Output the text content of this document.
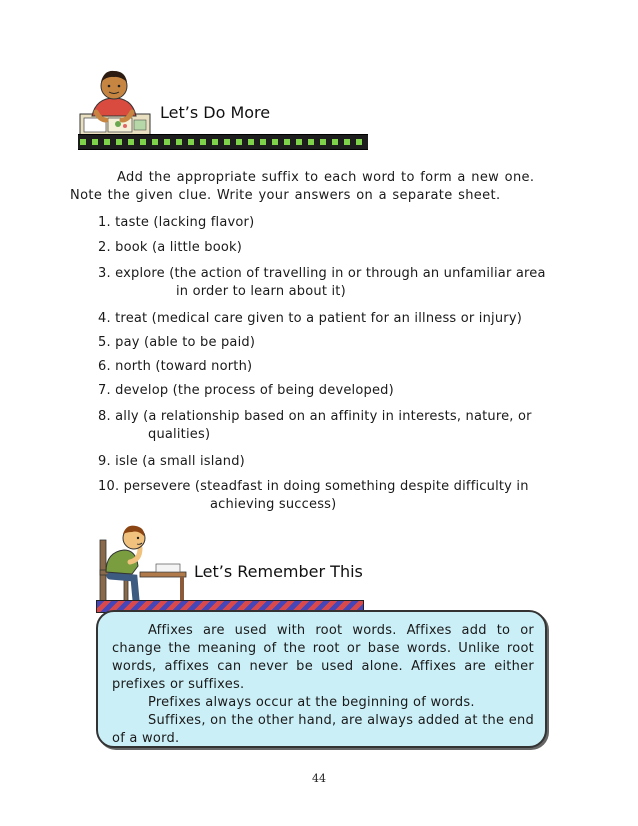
Let’s Do More
Add the appropriate suffix to each word to form a new one. Note the given clue. Write your answers on a separate sheet.
1. taste (lacking flavor)
2. book (a little book)
3. explore (the action of travelling in or through an unfamiliar area
in order to learn about it)
4. treat (medical care given to a patient for an illness or injury)
5. pay (able to be paid)
6. north (toward north)
7. develop (the process of being developed)
8. ally (a relationship based on an affinity in interests, nature, or
qualities)
9. isle (a small island)
10. persevere (steadfast in doing something despite difficulty in
achieving success)
Let’s Remember This

Affixes are used with root words. Affixes add to or change the meaning of the root or base words. Unlike root words, affixes can never be used alone. Affixes are either prefixes or suffixes.

Prefixes always occur at the beginning of words.

Suffixes, on the other hand, are always added at the end of a word.

44
